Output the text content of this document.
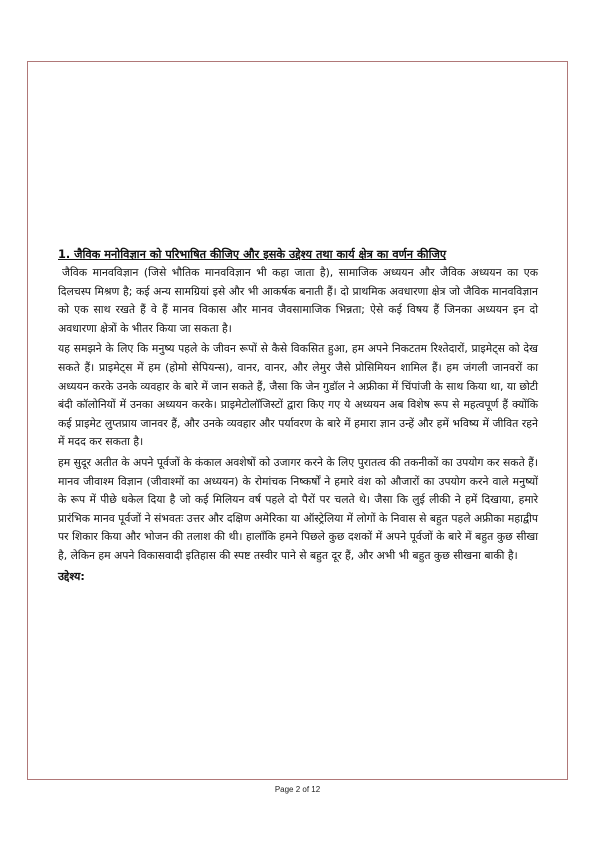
1. जैविक मनोविज्ञान को परिभाषित कीजिए और इसके उद्देश्य तथा कार्य क्षेत्र का वर्णन कीजिए

जैविक मानवविज्ञान (जिसे भौतिक मानवविज्ञान भी कहा जाता है), सामाजिक अध्ययन और जैविक अध्ययन का एक दिलचस्प मिश्रण है; कई अन्य सामग्रियां इसे और भी आकर्षक बनाती हैं। दो प्राथमिक अवधारणा क्षेत्र जो जैविक मानवविज्ञान को एक साथ रखते हैं वे हैं मानव विकास और मानव जैवसामाजिक भिन्नता; ऐसे कई विषय हैं जिनका अध्ययन इन दो अवधारणा क्षेत्रों के भीतर किया जा सकता है।

यह समझने के लिए कि मनुष्य पहले के जीवन रूपों से कैसे विकसित हुआ, हम अपने निकटतम रिश्तेदारों, प्राइमेट्स को देख सकते हैं। प्राइमेट्स में हम (होमो सेपियन्स), वानर, वानर, और लेमुर जैसे प्रोसिमियन शामिल हैं। हम जंगली जानवरों का अध्ययन करके उनके व्यवहार के बारे में जान सकते हैं, जैसा कि जेन गुडॉल ने अफ्रीका में चिंपांजी के साथ किया था, या छोटी बंदी कॉलोनियों में उनका अध्ययन करके। प्राइमेटोलॉजिस्टों द्वारा किए गए ये अध्ययन अब विशेष रूप से महत्वपूर्ण हैं क्योंकि कई प्राइमेट लुप्तप्राय जानवर हैं, और उनके व्यवहार और पर्यावरण के बारे में हमारा ज्ञान उन्हें और हमें भविष्य में जीवित रहने में मदद कर सकता है।

हम सुदूर अतीत के अपने पूर्वजों के कंकाल अवशेषों को उजागर करने के लिए पुरातत्व की तकनीकों का उपयोग कर सकते हैं। मानव जीवाश्म विज्ञान (जीवाश्मों का अध्ययन) के रोमांचक निष्कर्षों ने हमारे वंश को औजारों का उपयोग करने वाले मनुष्यों के रूप में पीछे धकेल दिया है जो कई मिलियन वर्ष पहले दो पैरों पर चलते थे। जैसा कि लुई लीकी ने हमें दिखाया, हमारे प्रारंभिक मानव पूर्वजों ने संभवतः उत्तर और दक्षिण अमेरिका या ऑस्ट्रेलिया में लोगों के निवास से बहुत पहले अफ्रीका महाद्वीप पर शिकार किया और भोजन की तलाश की थी। हालाँकि हमने पिछले कुछ दशकों में अपने पूर्वजों के बारे में बहुत कुछ सीखा है, लेकिन हम अपने विकासवादी इतिहास की स्पष्ट तस्वीर पाने से बहुत दूर हैं, और अभी भी बहुत कुछ सीखना बाकी है।

उद्देश्य:

Page 2 of 12
